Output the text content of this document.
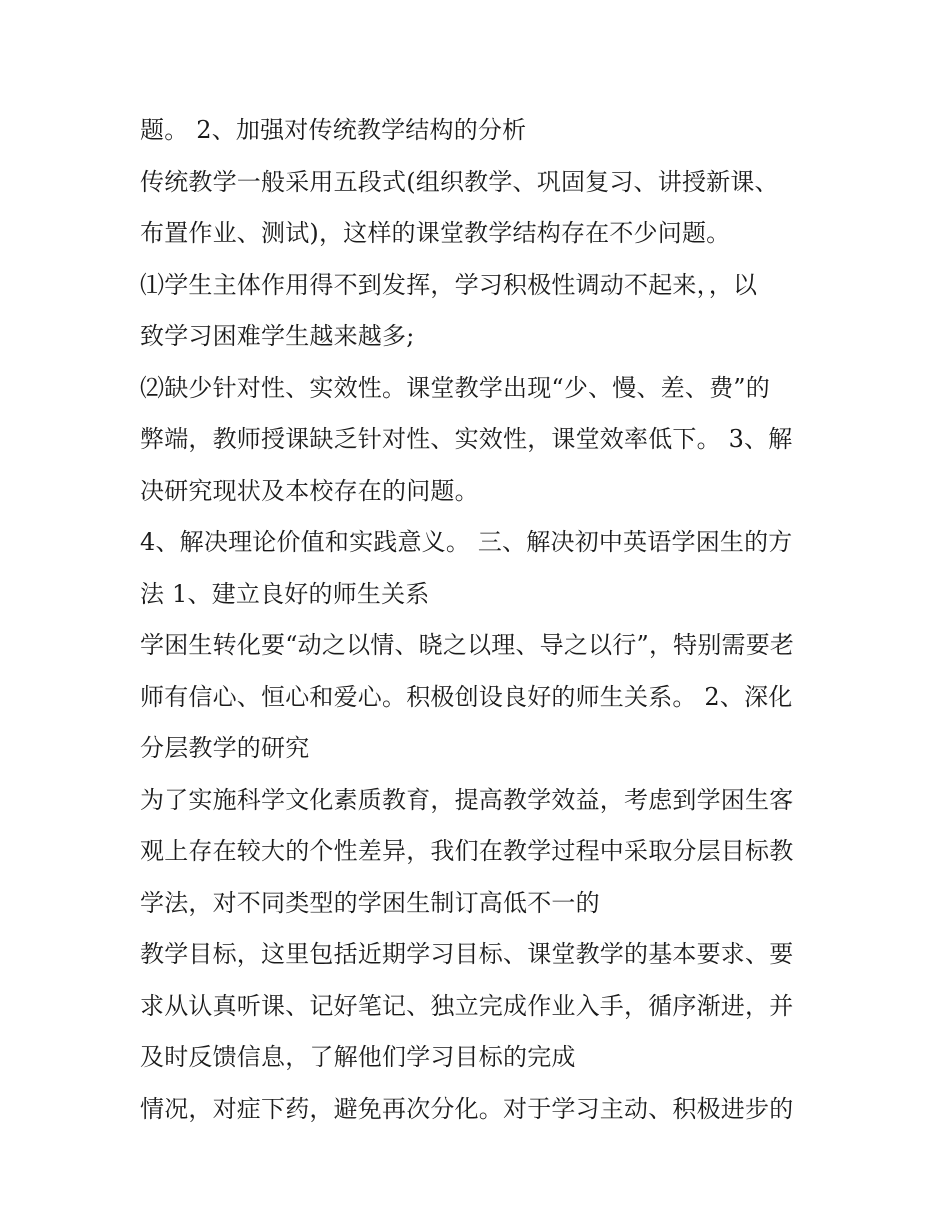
题。 2、加强对传统教学结构的分析
传统教学一般采用五段式(组织教学、巩固复习、讲授新课、
布置作业、测试)，这样的课堂教学结构存在不少问题。
⑴学生主体作用得不到发挥，学习积极性调动不起来，，以
致学习困难学生越来越多;
⑵缺少针对性、实效性。课堂教学出现“少、慢、差、费”的
弊端，教师授课缺乏针对性、实效性，课堂效率低下。 3、解
决研究现状及本校存在的问题。
4、解决理论价值和实践意义。 三、解决初中英语学困生的方
法 1、建立良好的师生关系
学困生转化要“动之以情、晓之以理、导之以行”，特别需要老
师有信心、恒心和爱心。积极创设良好的师生关系。 2、深化
分层教学的研究
为了实施科学文化素质教育，提高教学效益，考虑到学困生客
观上存在较大的个性差异，我们在教学过程中采取分层目标教
学法，对不同类型的学困生制订高低不一的
教学目标，这里包括近期学习目标、课堂教学的基本要求、要
求从认真听课、记好笔记、独立完成作业入手，循序渐进，并
及时反馈信息，了解他们学习目标的完成
情况，对症下药，避免再次分化。对于学习主动、积极进步的
